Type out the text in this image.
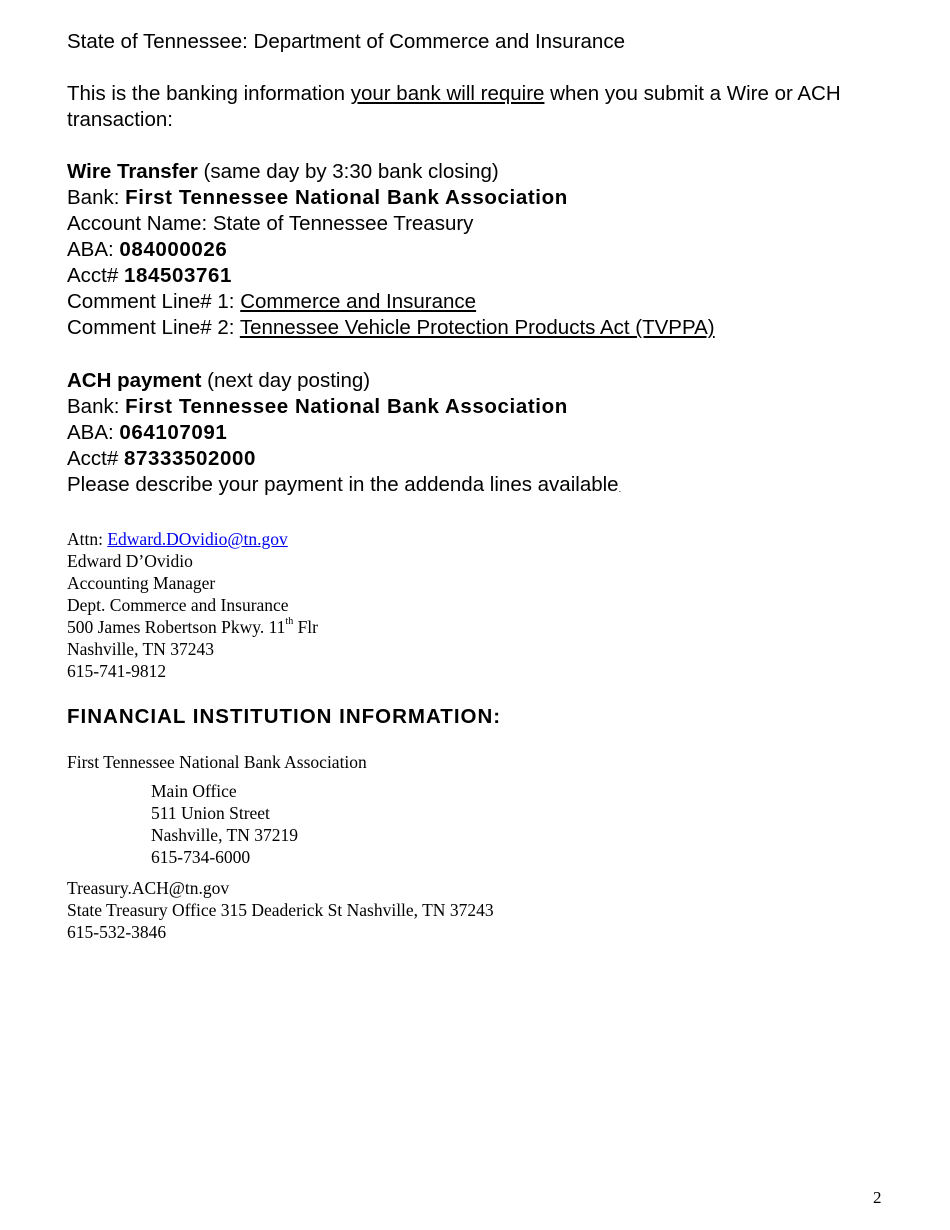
State of Tennessee: Department of Commerce and Insurance
This is the banking information your bank will require when you submit a Wire or ACH transaction:
Wire Transfer (same day by 3:30 bank closing)
Bank: First Tennessee National Bank Association
Account Name: State of Tennessee Treasury
ABA: 084000026
Acct# 184503761
Comment Line# 1: Commerce and Insurance
Comment Line# 2: Tennessee Vehicle Protection Products Act (TVPPA)
ACH payment (next day posting)
Bank: First Tennessee National Bank Association
ABA: 064107091
Acct# 87333502000
Please describe your payment in the addenda lines available.
Attn: Edward.DOvidio@tn.gov
Edward D’Ovidio
Accounting Manager
Dept. Commerce and Insurance
500 James Robertson Pkwy. 11th Flr
Nashville, TN 37243
615-741-9812
FINANCIAL INSTITUTION INFORMATION:
First Tennessee National Bank Association
Main Office
511 Union Street
Nashville, TN 37219
615-734-6000
Treasury.ACH@tn.gov
State Treasury Office 315 Deaderick St Nashville, TN 37243
615-532-3846
2
